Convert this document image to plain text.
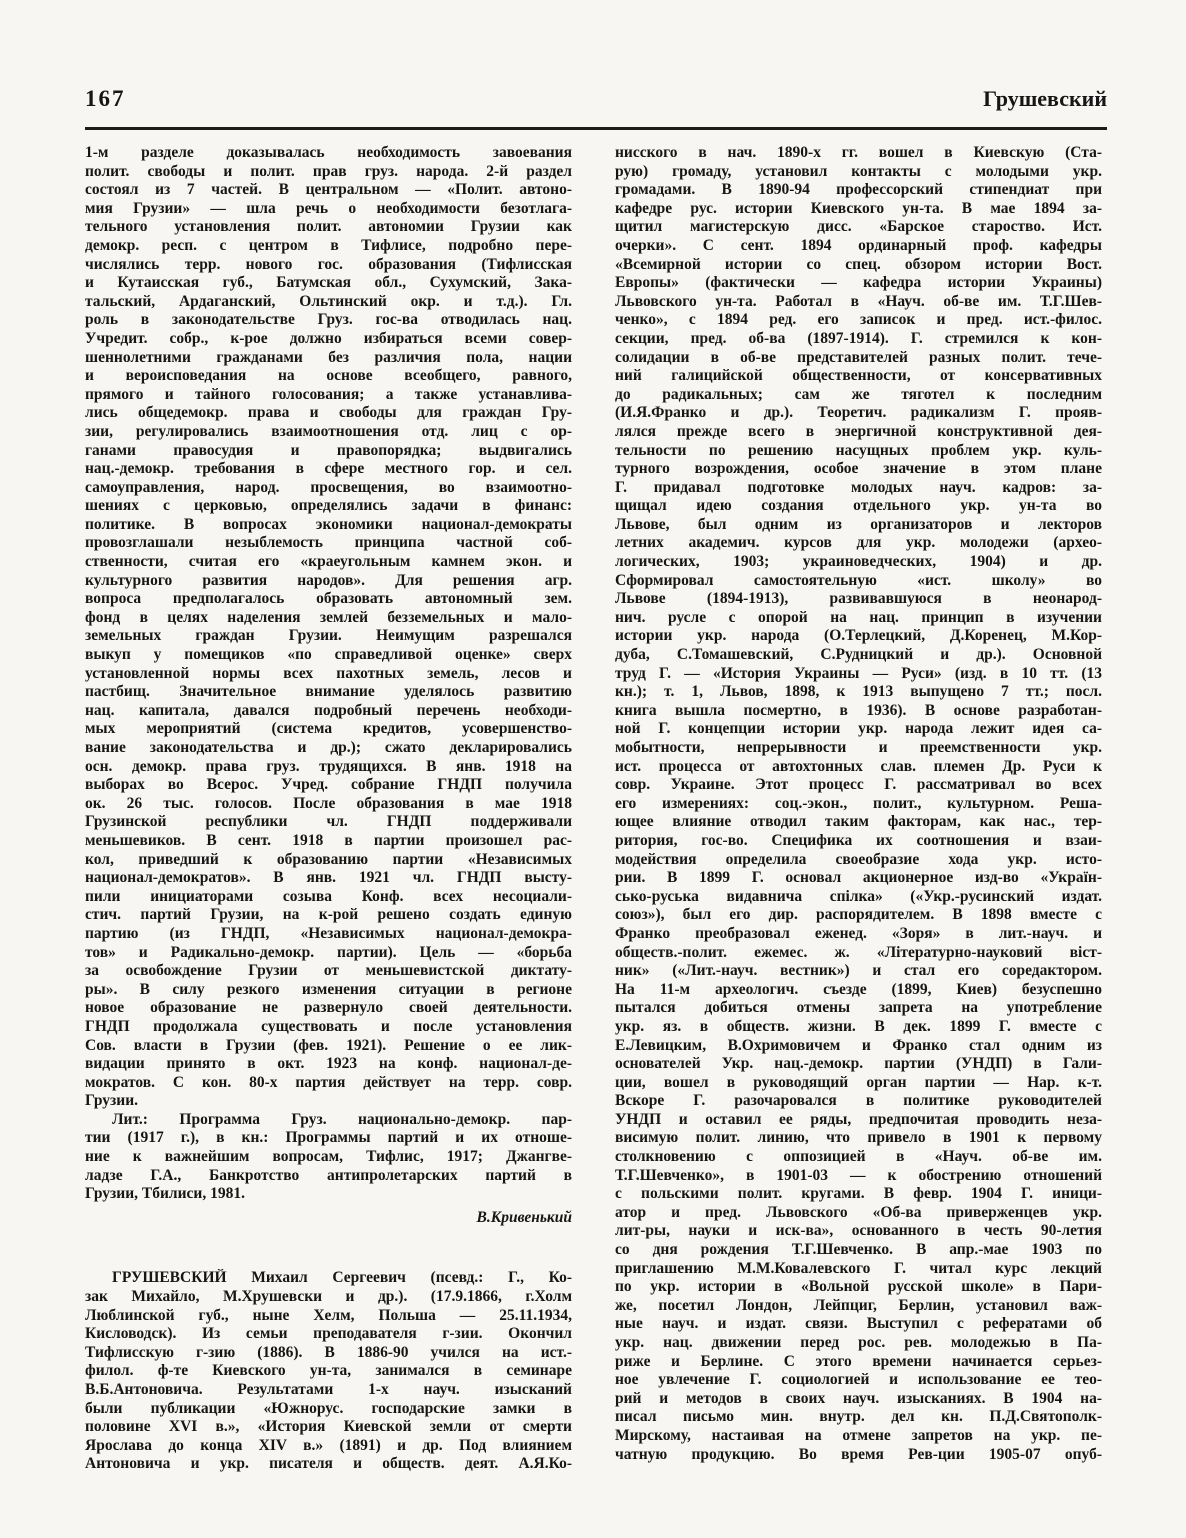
167	Грушевский
1-м разделе доказывалась необходимость завоевания
полит. свободы и полит. прав груз. народа. 2-й раздел
состоял из 7 частей. В центральном — «Полит. автоно-
мия Грузии» — шла речь о необходимости безотлага-
тельного установления полит. автономии Грузии как
демокр. респ. с центром в Тифлисе, подробно пере-
числялись терр. нового гос. образования (Тифлисская
и Кутаисская губ., Батумская обл., Сухумский, Зака-
тальский, Ардаганский, Ольтинский окр. и т.д.). Гл.
роль в законодательстве Груз. гос-ва отводилась нац.
Учредит. собр., к-рое должно избираться всеми совер-
шеннолетними гражданами без различия пола, нации
и вероисповедания на основе всеобщего, равного,
прямого и тайного голосования; а также устанавлива-
лись общедемокр. права и свободы для граждан Гру-
зии, регулировались взаимоотношения отд. лиц с ор-
ганами правосудия и правопорядка; выдвигались
нац.-демокр. требования в сфере местного гор. и сел.
самоуправления, народ. просвещения, во взаимоотно-
шениях с церковью, определялись задачи в финанс:
политике. В вопросах экономики национал-демократы
провозглашали незыблемость принципа частной соб-
ственности, считая его «краеугольным камнем экон. и
культурного развития народов». Для решения агр.
вопроса предполагалось образовать автономный зем.
фонд в целях наделения землей безземельных и мало-
земельных граждан Грузии. Неимущим разрешался
выкуп у помещиков «по справедливой оценке» сверх
установленной нормы всех пахотных земель, лесов и
пастбищ. Значительное внимание уделялось развитию
нац. капитала, давался подробный перечень необходи-
мых мероприятий (система кредитов, усовершенство-
вание законодательства и др.); сжато декларировались
осн. демокр. права груз. трудящихся. В янв. 1918 на
выборах во Всерос. Учред. собрание ГНДП получила
ок. 26 тыс. голосов. После образования в мае 1918
Грузинской республики чл. ГНДП поддерживали
меньшевиков. В сент. 1918 в партии произошел рас-
кол, приведший к образованию партии «Независимых
национал-демократов». В янв. 1921 чл. ГНДП высту-
пили инициаторами созыва Конф. всех несоциали-
стич. партий Грузии, на к-рой решено создать единую
партию (из ГНДП, «Независимых национал-демокра-
тов» и Радикально-демокр. партии). Цель — «борьба
за освобождение Грузии от меньшевистской диктату-
ры». В силу резкого изменения ситуации в регионе
новое образование не развернуло своей деятельности.
ГНДП продолжала существовать и после установления
Сов. власти в Грузии (фев. 1921). Решение о ее лик-
видации принято в окт. 1923 на конф. национал-де-
мократов. С кон. 80-х партия действует на терр. совр.
Грузии.
Лит.: Программа Груз. национально-демокр. пар-
тии (1917 г.), в кн.: Программы партий и их отноше-
ние к важнейшим вопросам, Тифлис, 1917; Джангве-
ладзе Г.А., Банкротство антипролетарских партий в
Грузии, Тбилиси, 1981.
В.Кривенький
ГРУШЕВСКИЙ Михаил Сергеевич (псевд.: Г., Ко-
зак Михайло, М.Хрушевски и др.). (17.9.1866, г.Холм
Люблинской губ., ныне Хелм, Польша — 25.11.1934,
Кисловодск). Из семьи преподавателя г-зии. Окончил
Тифлисскую г-зию (1886). В 1886-90 учился на ист.-
филол. ф-те Киевского ун-та, занимался в семинаре
В.Б.Антоновича. Результатами 1-х науч. изысканий
были публикации «Южнорус. господарские замки в
половине XVI в.», «История Киевской земли от смерти
Ярослава до конца XIV в.» (1891) и др. Под влиянием
Антоновича и укр. писателя и обществ. деят. А.Я.Ко-
нисского в нач. 1890-х гг. вошел в Киевскую (Ста-
рую) громаду, установил контакты с молодыми укр.
громадами. В 1890-94 профессорский стипендиат при
кафедре рус. истории Киевского ун-та. В мае 1894 за-
щитил магистерскую дисс. «Барское староство. Ист.
очерки». С сент. 1894 ординарный проф. кафедры
«Всемирной истории со спец. обзором истории Вост.
Европы» (фактически — кафедра истории Украины)
Львовского ун-та. Работал в «Науч. об-ве им. Т.Г.Шев-
ченко», с 1894 ред. его записок и пред. ист.-филос.
секции, пред. об-ва (1897-1914). Г. стремился к кон-
солидации в об-ве представителей разных полит. тече-
ний галицийской общественности, от консервативных
до радикальных; сам же тяготел к последним
(И.Я.Франко и др.). Теоретич. радикализм Г. прояв-
лялся прежде всего в энергичной конструктивной дея-
тельности по решению насущных проблем укр. куль-
турного возрождения, особое значение в этом плане
Г. придавал подготовке молодых науч. кадров: за-
щищал идею создания отдельного укр. ун-та во
Львове, был одним из организаторов и лекторов
летних академич. курсов для укр. молодежи (архео-
логических, 1903; украиноведческих, 1904) и др.
Сформировал самостоятельную «ист. школу» во
Львове (1894-1913), развивавшуюся в неонарод-
нич. русле с опорой на нац. принцип в изучении
истории укр. народа (О.Терлецкий, Д.Коренец, М.Кор-
дуба, С.Томашевский, С.Рудницкий и др.). Основной
труд Г. — «История Украины — Руси» (изд. в 10 тт. (13
кн.); т. 1, Львов, 1898, к 1913 выпущено 7 тт.; посл.
книга вышла посмертно, в 1936). В основе разработан-
ной Г. концепции истории укр. народа лежит идея са-
мобытности, непрерывности и преемственности укр.
ист. процесса от автохтонных слав. племен Др. Руси к
совр. Украине. Этот процесс Г. рассматривал во всех
его измерениях: соц.-экон., полит., культурном. Реша-
ющее влияние отводил таким факторам, как нас., тер-
ритория, гос-во. Специфика их соотношения и взаи-
модействия определила своеобразие хода укр. исто-
рии. В 1899 Г. основал акционерное изд-во «Украïн-
сько-руська видавнича спілка» («Укр.-русинский издат.
союз»), был его дир. распорядителем. В 1898 вместе с
Франко преобразовал еженед. «Зоря» в лит.-науч. и
обществ.-полит. ежемес. ж. «Літературно-науковий віст-
ник» («Лит.-науч. вестник») и стал его соредактором.
На 11-м археологич. съезде (1899, Киев) безуспешно
пытался добиться отмены запрета на употребление
укр. яз. в обществ. жизни. В дек. 1899 Г. вместе с
Е.Левицким, В.Охримовичем и Франко стал одним из
основателей Укр. нац.-демокр. партии (УНДП) в Гали-
ции, вошел в руководящий орган партии — Нар. к-т.
Вскоре Г. разочаровался в политике руководителей
УНДП и оставил ее ряды, предпочитая проводить неза-
висимую полит. линию, что привело в 1901 к первому
столкновению с оппозицией в «Науч. об-ве им.
Т.Г.Шевченко», в 1901-03 — к обострению отношений
с польскими полит. кругами. В февр. 1904 Г. иници-
атор и пред. Львовского «Об-ва приверженцев укр.
лит-ры, науки и иск-ва», основанного в честь 90-летия
со дня рождения Т.Г.Шевченко. В апр.-мае 1903 по
приглашению М.М.Ковалевского Г. читал курс лекций
по укр. истории в «Вольной русской школе» в Пари-
же, посетил Лондон, Лейпциг, Берлин, установил важ-
ные науч. и издат. связи. Выступил с рефератами об
укр. нац. движении перед рос. рев. молодежью в Па-
риже и Берлине. С этого времени начинается серьез-
ное увлечение Г. социологией и использование ее тео-
рий и методов в своих науч. изысканиях. В 1904 на-
писал письмо мин. внутр. дел кн. П.Д.Святополк-
Мирскому, настаивая на отмене запретов на укр. пе-
чатную продукцию. Во время Рев-ции 1905-07 опуб-
